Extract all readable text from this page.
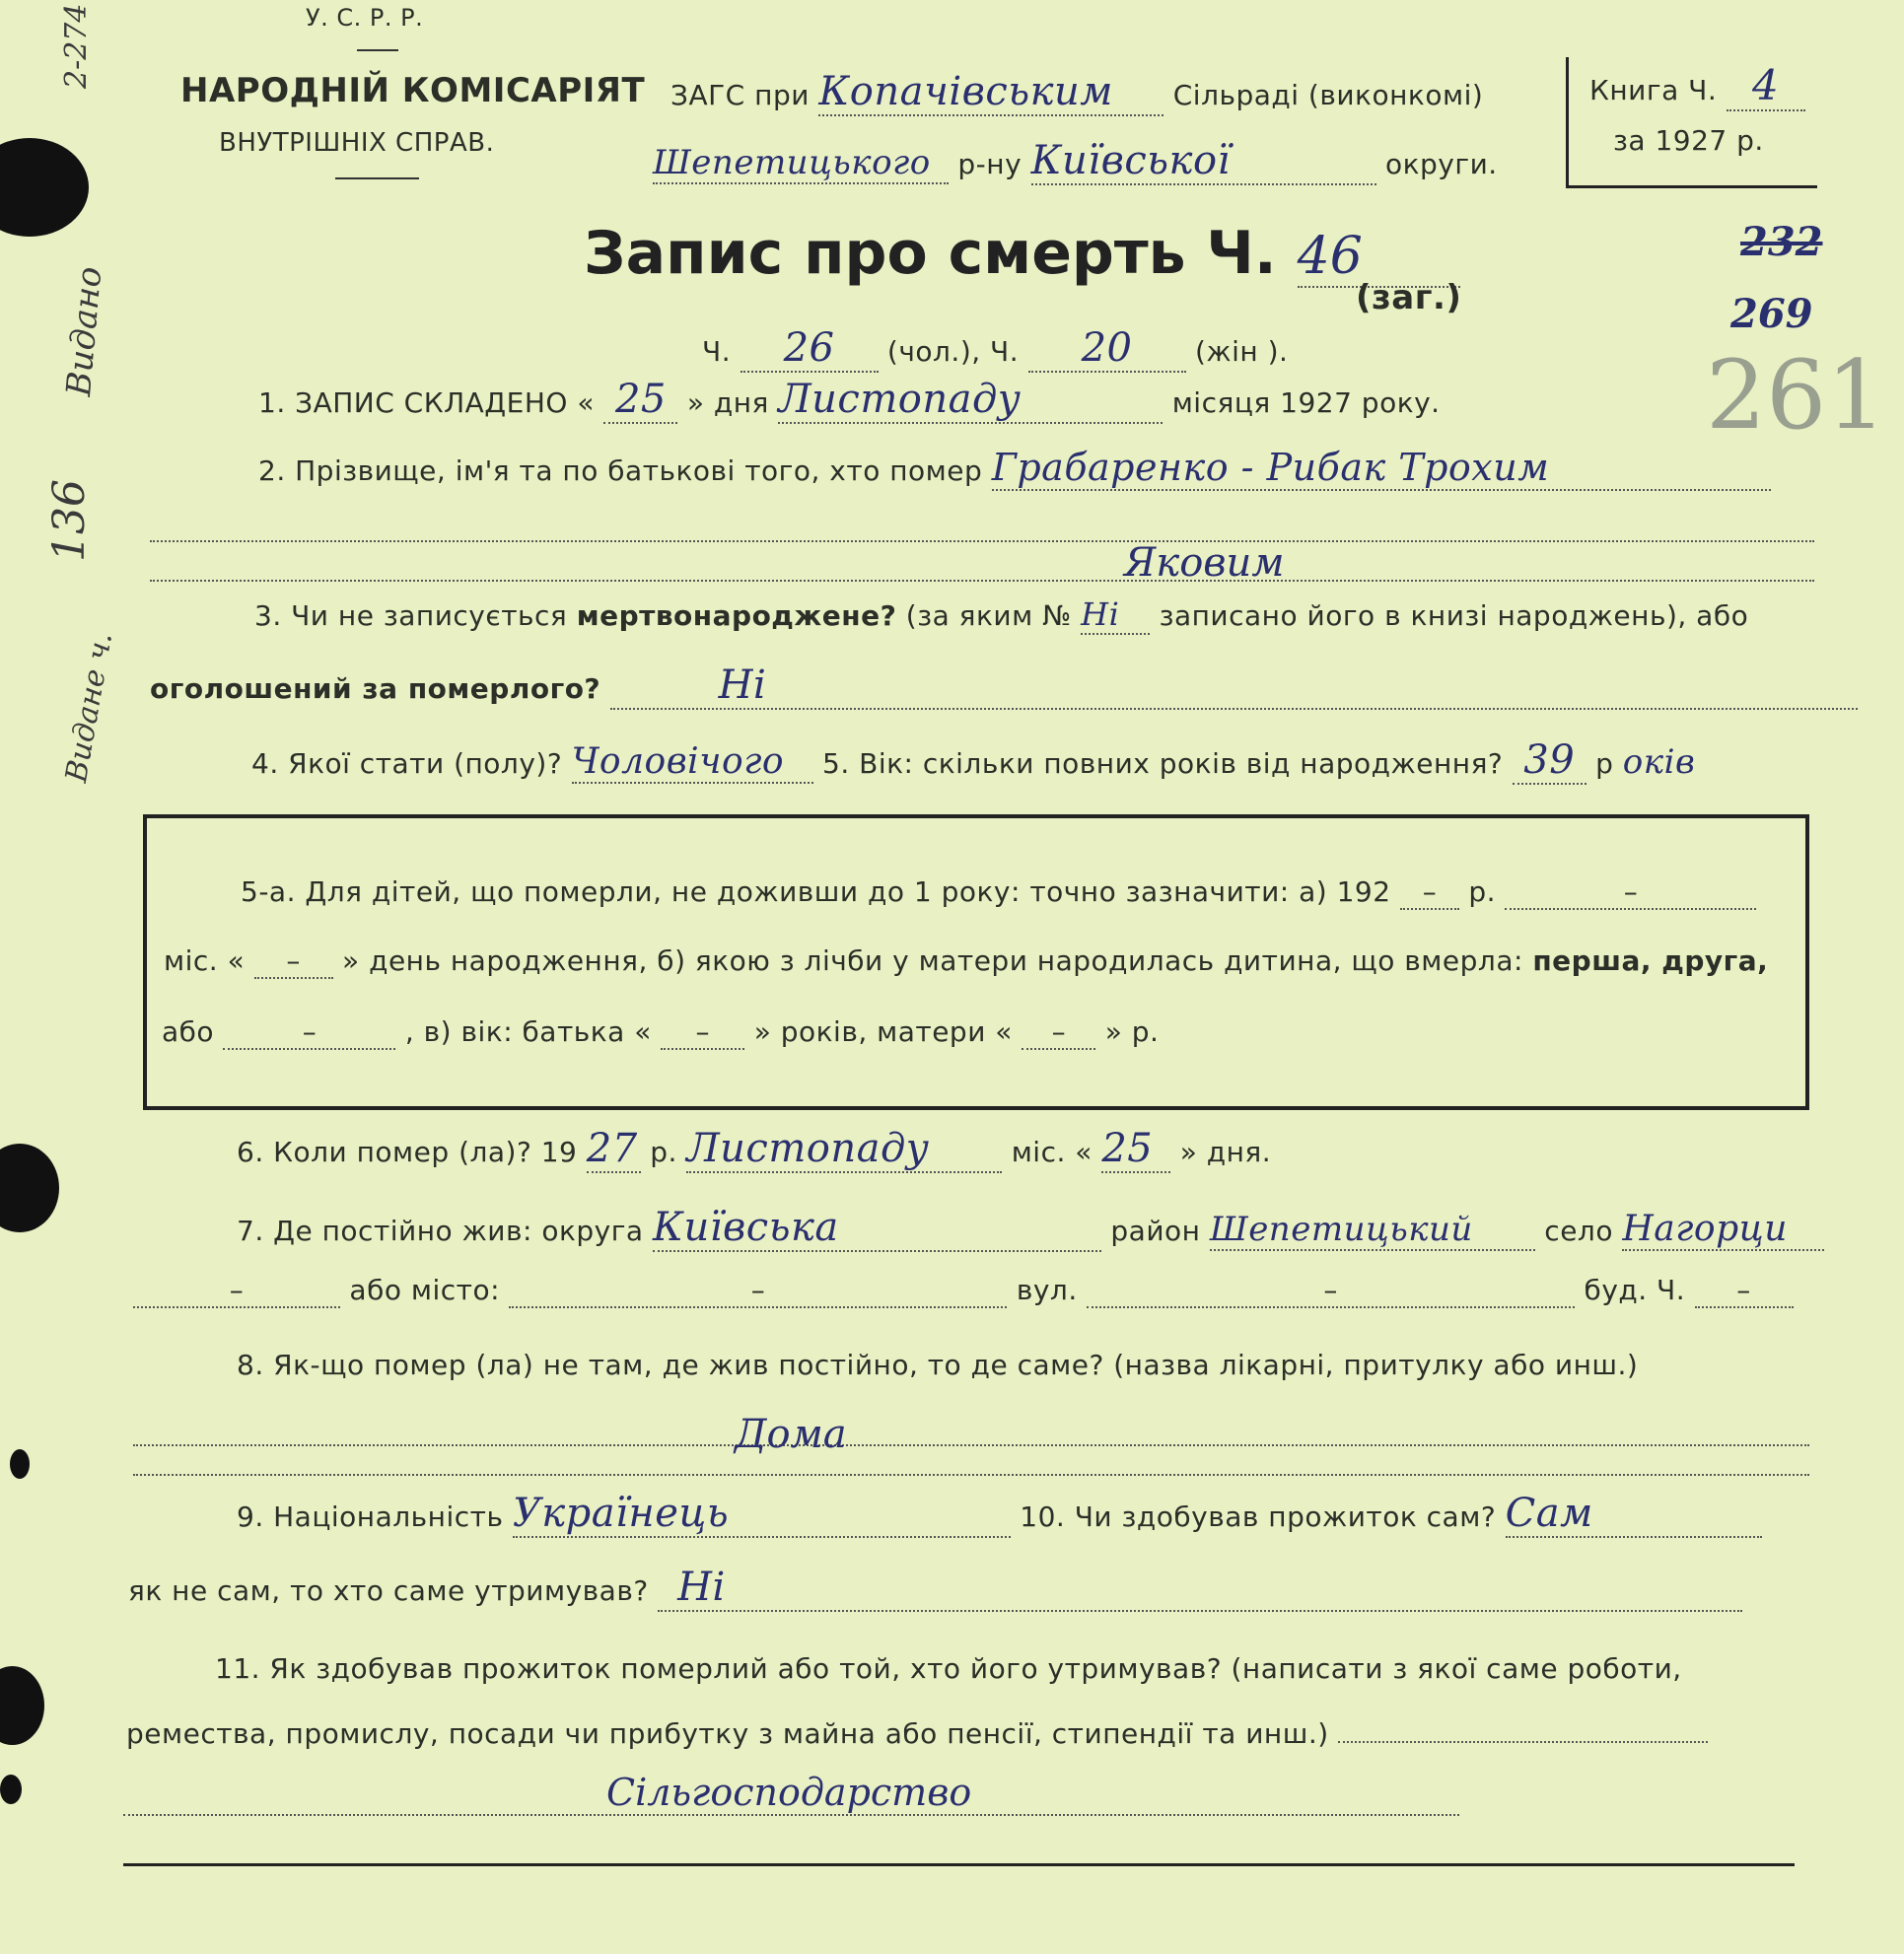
2-274
Видано
136
Видане ч.
У. С. Р. Р.
НАРОДНІЙ КОМІСАРІЯТ
ВНУТРІШНІХ СПРАВ.
ЗАГС при Копачівським Сільраді (виконкомі)
Шепетицького р-ну Київської	округи.
Книга Ч. 4
за 1927 р.
232
269
261
Запис про смерть Ч. 46
(заг.)
Ч. 26 (чол.), Ч. 20 (жін ).
1. ЗАПИС СКЛАДЕНО « 25 » дня Листопаду	місяця 1927 року.
2. Прізвище, ім'я та по батькові того, хто помер Грабаренко - Рибак Трохим
Яковим
3. Чи не записується мертвонароджене? (за яким № Ні записано його в книзі народжень), або
оголошений за померлого?	Ні
4. Якої стати (полу)? Чоловічого 5. Вік: скільки повних років від народження? 39 р оків
5-а. Для дітей, що померли, не доживши до 1 року: точно зазначити: а) 192 – р.	–
міс. « – » день народження, б) якою з лічби у матери народилась дитина, що вмерла: перша, друга,
або	–	, в) вік: батька « – » років, матери « – » р.
6. Коли помер (ла)? 19 27 р. Листопаду	міс. « 25 » дня.
7. Де постійно жив: округа Київська	район Шепетицький	село Нагорци
–	або місто:	–	вул.	–	буд. Ч. –
8. Як-що помер (ла) не там, де жив постійно, то де саме? (назва лікарні, притулку або инш.)
Дома
9. Національність Українець	10. Чи здобував прожиток сам? Сам
як не сам, то хто саме утримував? Ні
11. Як здобував прожиток померлий або той, хто його утримував? (написати з якої саме роботи,
ремества, промислу, посади чи прибутку з майна або пенсії, стипендії та инш.)
Сільгосподарство
